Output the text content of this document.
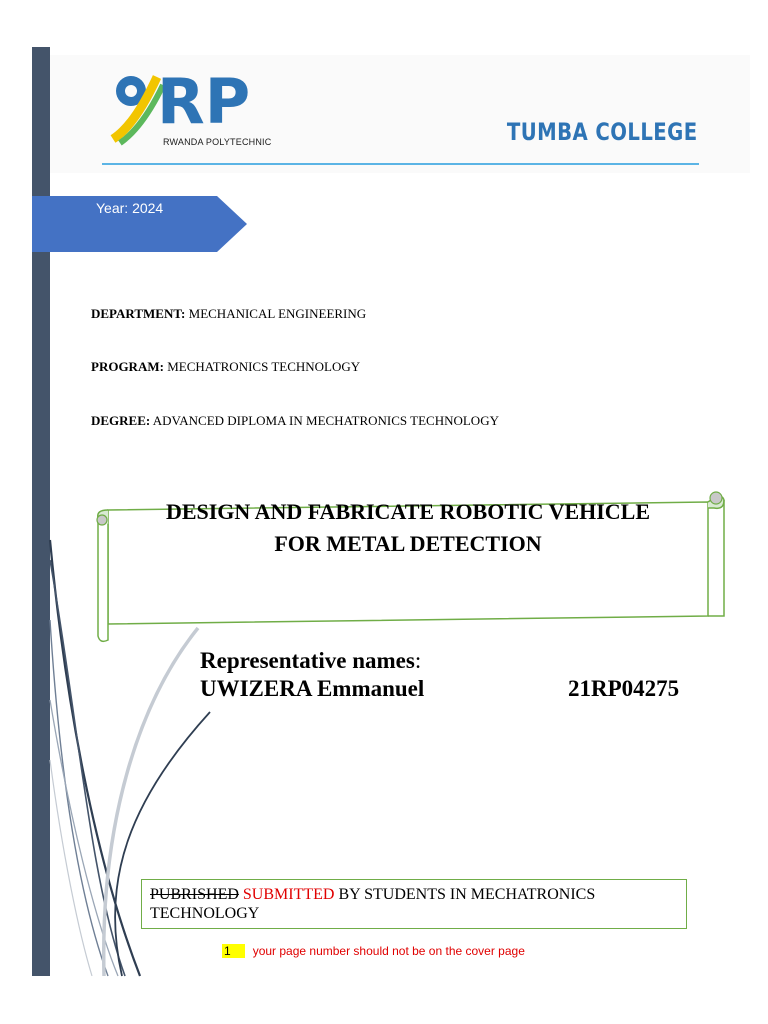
RP
RWANDA POLYTECHNIC	TUMBA COLLEGE
Year: 2024
DEPARTMENT: MECHANICAL ENGINEERING
PROGRAM: MECHATRONICS TECHNOLOGY
DEGREE: ADVANCED DIPLOMA IN MECHATRONICS TECHNOLOGY
DESIGN AND FABRICATE ROBOTIC VEHICLE
FOR METAL DETECTION
Representative names:
UWIZERA Emmanuel	21RP04275
PUBRISHED SUBMITTED BY STUDENTS IN MECHATRONICS TECHNOLOGY
1 your page number should not be on the cover page
